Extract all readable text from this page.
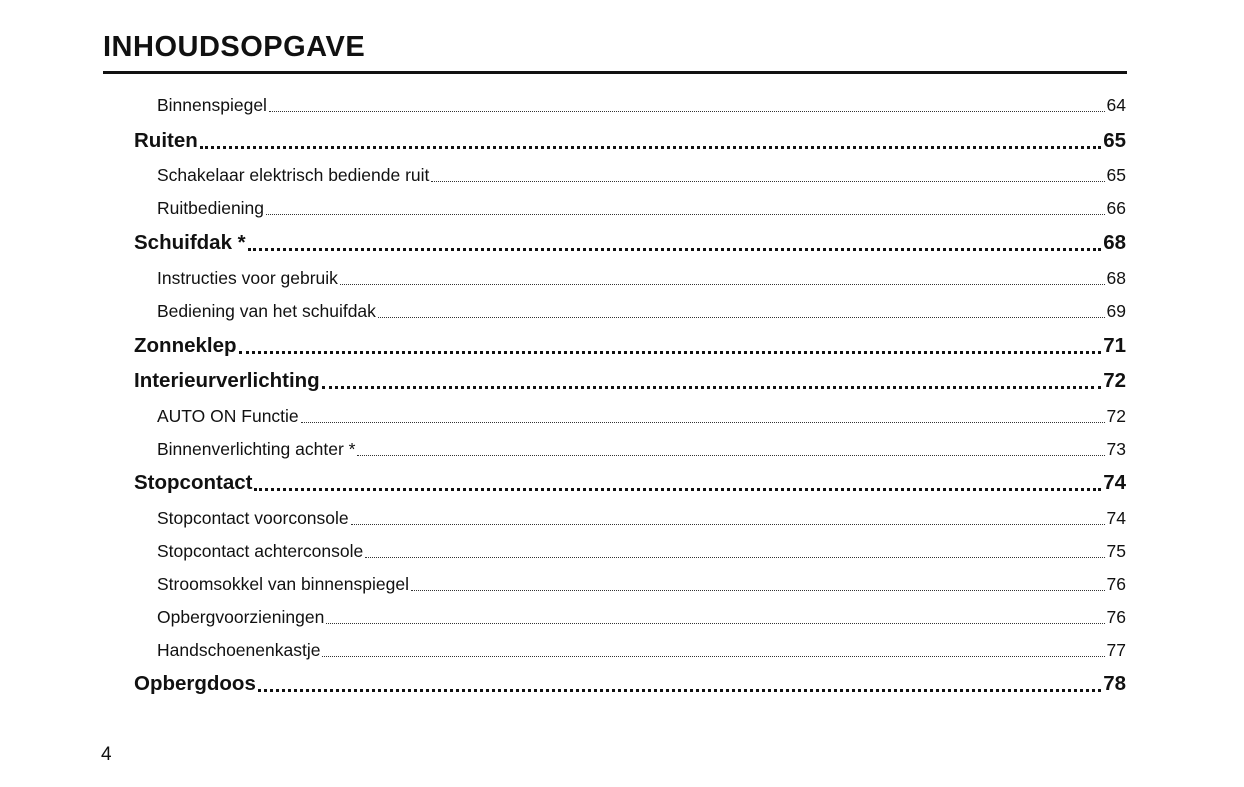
INHOUDSOPGAVE
Binnenspiegel	64
Ruiten	65
Schakelaar elektrisch bediende ruit	65
Ruitbediening	66
Schuifdak *	68
Instructies voor gebruik	68
Bediening van het schuifdak	69
Zonneklep	71
Interieurverlichting	72
AUTO ON Functie	72
Binnenverlichting achter *	73
Stopcontact	74
Stopcontact voorconsole	74
Stopcontact achterconsole	75
Stroomsokkel van binnenspiegel	76
Opbergvoorzieningen	76
Handschoenenkastje	77
Opbergdoos	78
4
